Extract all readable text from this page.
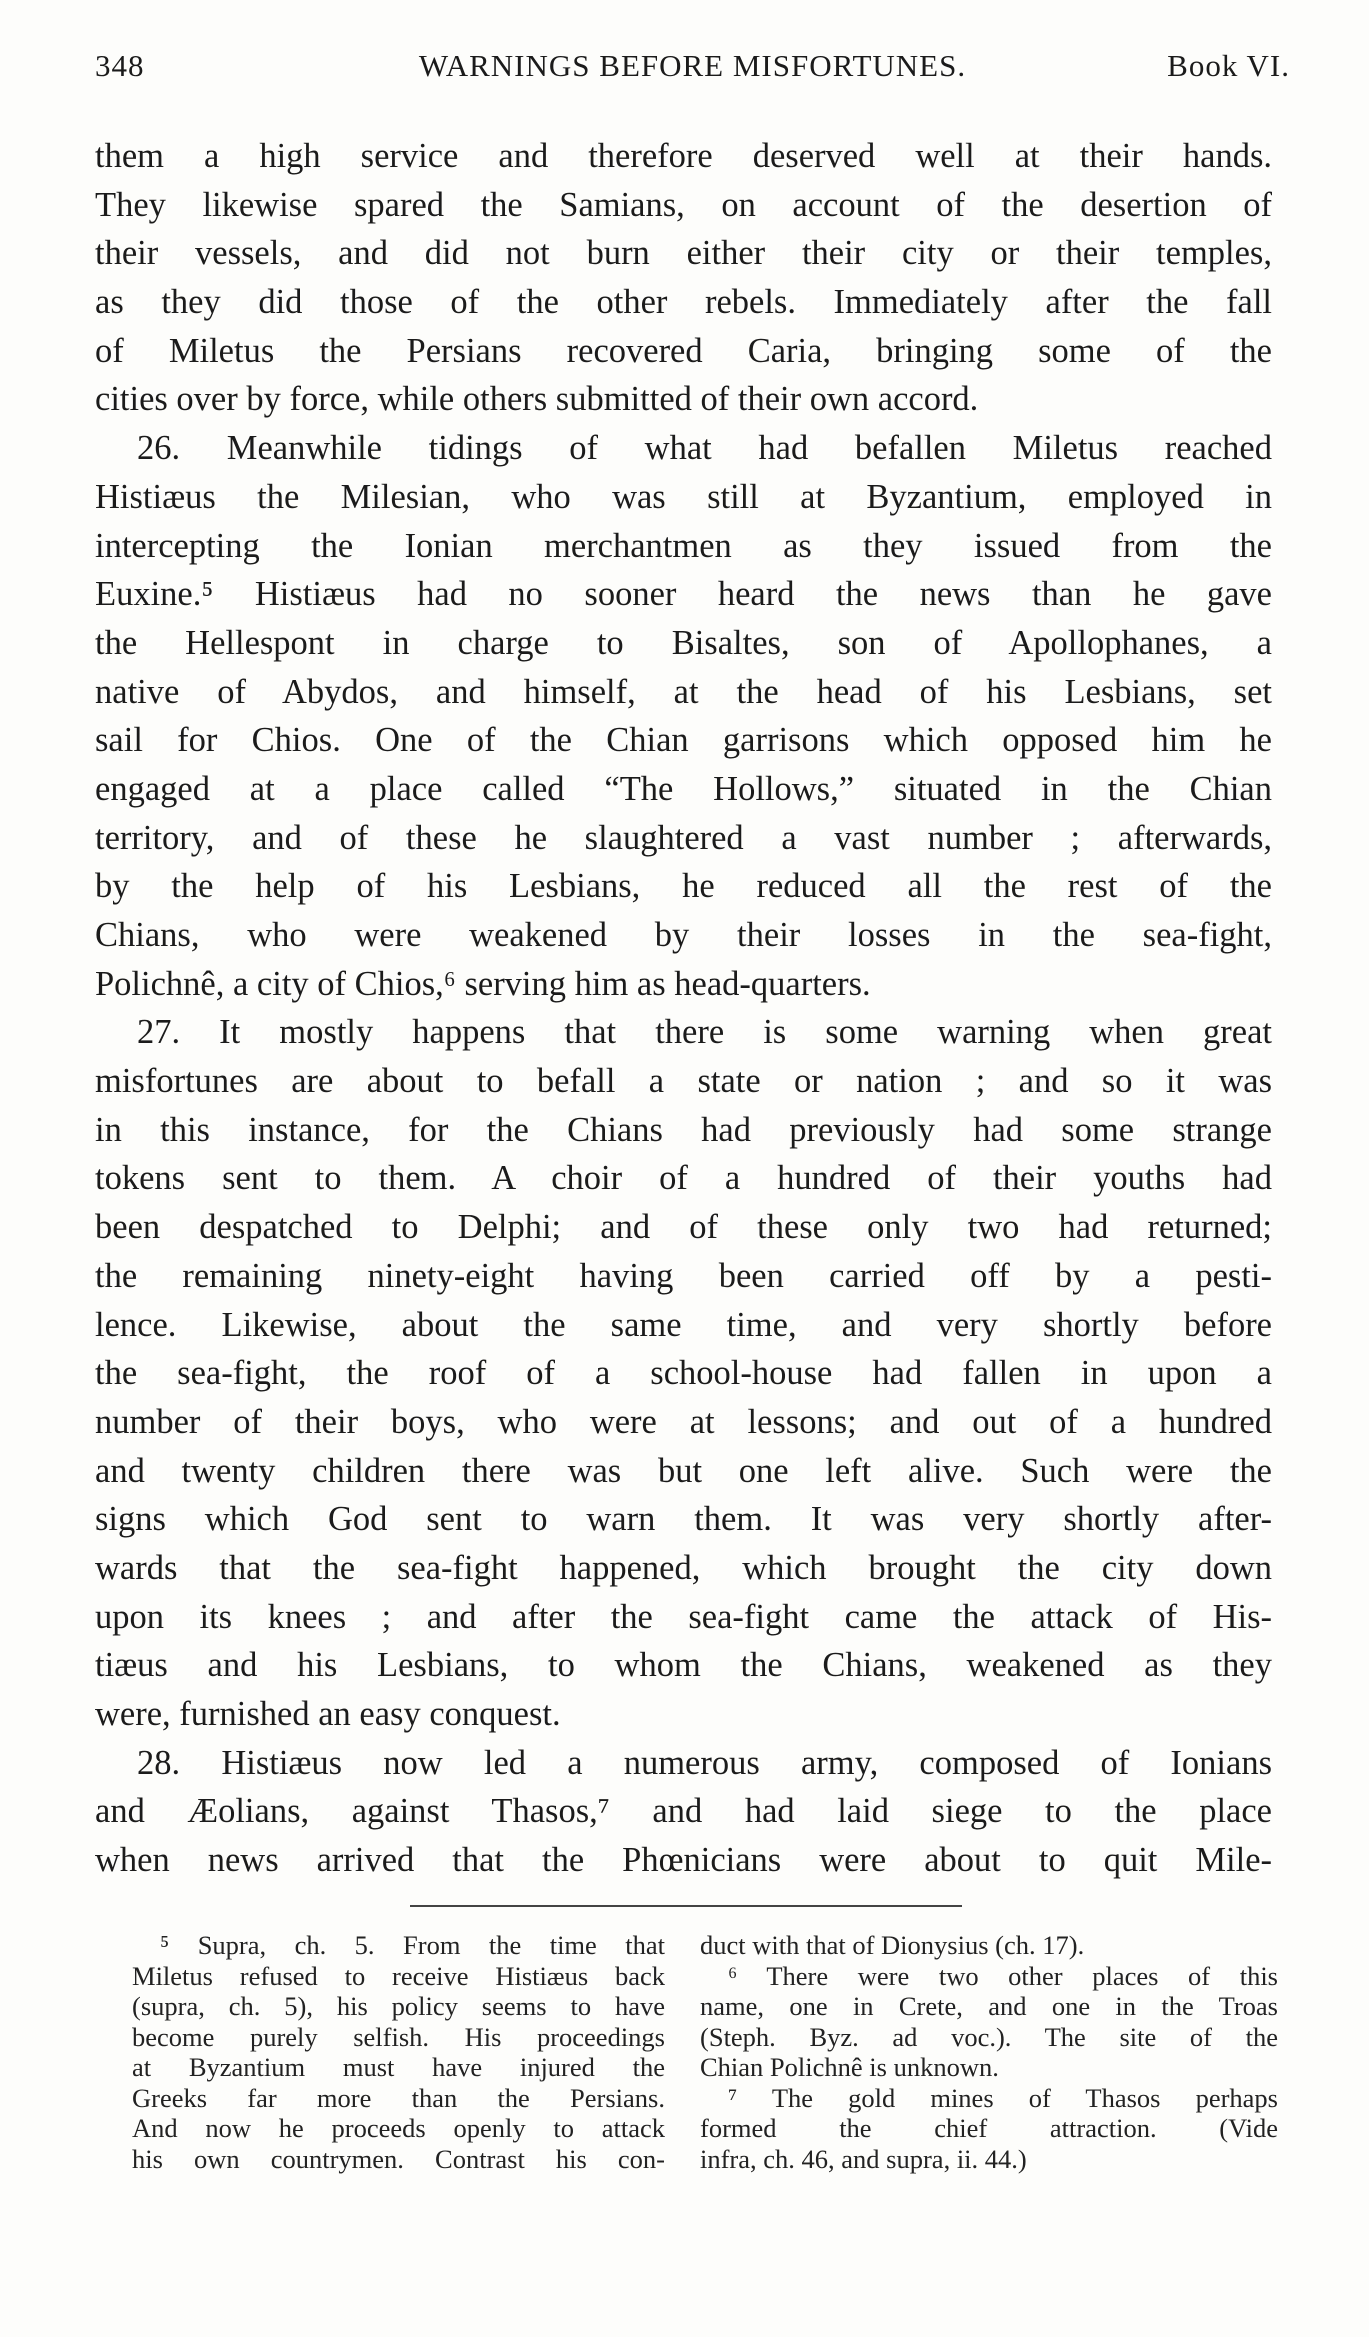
348	WARNINGS BEFORE MISFORTUNES.	Book VI.
them a high service and therefore deserved well at their hands.
They likewise spared the Samians, on account of the desertion of
their vessels, and did not burn either their city or their temples,
as they did those of the other rebels. Immediately after the fall
of Miletus the Persians recovered Caria, bringing some of the
cities over by force, while others submitted of their own accord.
26. Meanwhile tidings of what had befallen Miletus reached
Histiæus the Milesian, who was still at Byzantium, employed in
intercepting the Ionian merchantmen as they issued from the
Euxine.⁵ Histiæus had no sooner heard the news than he gave
the Hellespont in charge to Bisaltes, son of Apollophanes, a
native of Abydos, and himself, at the head of his Lesbians, set
sail for Chios. One of the Chian garrisons which opposed him he
engaged at a place called “The Hollows,” situated in the Chian
territory, and of these he slaughtered a vast number ; afterwards,
by the help of his Lesbians, he reduced all the rest of the
Chians, who were weakened by their losses in the sea-fight,
Polichnê, a city of Chios,⁶ serving him as head-quarters.
27. It mostly happens that there is some warning when great
misfortunes are about to befall a state or nation ; and so it was
in this instance, for the Chians had previously had some strange
tokens sent to them. A choir of a hundred of their youths had
been despatched to Delphi; and of these only two had returned;
the remaining ninety-eight having been carried off by a pesti-
lence. Likewise, about the same time, and very shortly before
the sea-fight, the roof of a school-house had fallen in upon a
number of their boys, who were at lessons; and out of a hundred
and twenty children there was but one left alive. Such were the
signs which God sent to warn them. It was very shortly after-
wards that the sea-fight happened, which brought the city down
upon its knees ; and after the sea-fight came the attack of His-
tiæus and his Lesbians, to whom the Chians, weakened as they
were, furnished an easy conquest.
28. Histiæus now led a numerous army, composed of Ionians
and Æolians, against Thasos,⁷ and had laid siege to the place
when news arrived that the Phœnicians were about to quit Mile-
⁵ Supra, ch. 5. From the time that
Miletus refused to receive Histiæus back
(supra, ch. 5), his policy seems to have
become purely selfish. His proceedings
at Byzantium must have injured the
Greeks far more than the Persians.
And now he proceeds openly to attack
his own countrymen. Contrast his con-
duct with that of Dionysius (ch. 17).
⁶ There were two other places of this
name, one in Crete, and one in the Troas
(Steph. Byz. ad voc.). The site of the
Chian Polichnê is unknown.
⁷ The gold mines of Thasos perhaps
formed the chief attraction. (Vide
infra, ch. 46, and supra, ii. 44.)
